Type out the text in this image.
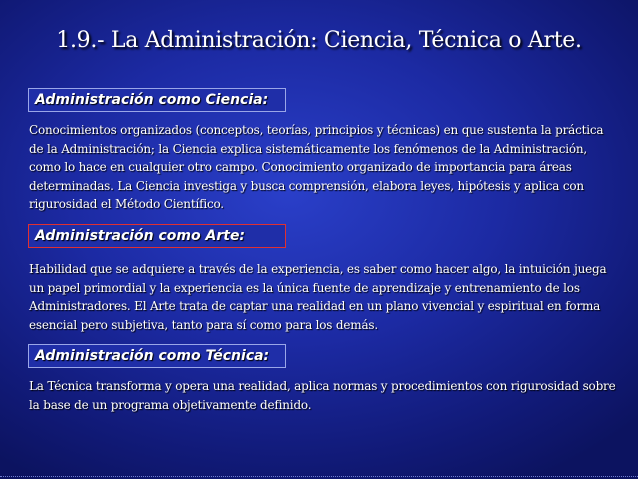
1.9.- La Administración: Ciencia, Técnica o Arte.
Administración como Ciencia:
Conocimientos organizados (conceptos, teorías, principios y técnicas) en que sustenta la práctica de la Administración; la Ciencia explica sistemáticamente los fenómenos de la Administración, como lo hace en cualquier otro campo. Conocimiento organizado de importancia para áreas determinadas. La Ciencia investiga y busca comprensión, elabora leyes, hipótesis y aplica con rigurosidad el Método Científico.
Administración como Arte:
Habilidad que se adquiere a través de la experiencia, es saber como hacer algo, la intuición juega un papel primordial y la experiencia es la única fuente de aprendizaje y entrenamiento de los Administradores. El Arte trata de captar una realidad en un plano vivencial y espiritual en forma esencial pero subjetiva, tanto para sí como para los demás.
Administración como Técnica:
La Técnica transforma y opera una realidad, aplica normas y procedimientos con rigurosidad sobre la base de un programa objetivamente definido.
